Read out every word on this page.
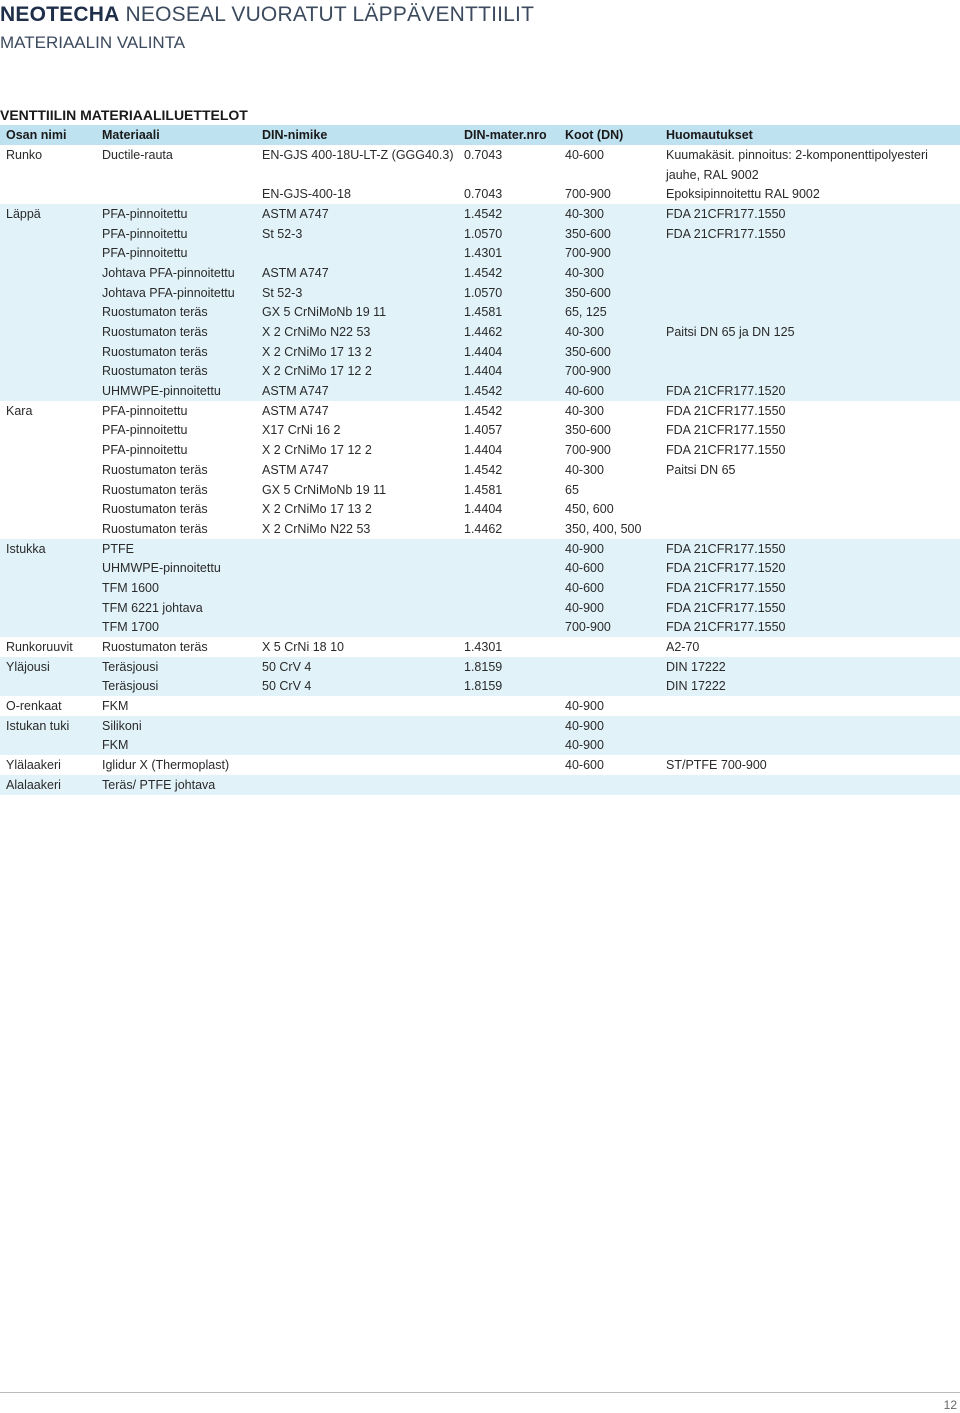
NEOTECHA NEOSEAL VUORATUT LÄPPÄVENTTIILIT
MATERIAALIN VALINTA
VENTTIILIN MATERIAALILUETTELOT
Osan nimi	Materiaali	DIN-nimike	DIN-mater.nro	Koot (DN)	Huomautukset
Runko	Ductile-rauta	EN-GJS 400-18U-LT-Z (GGG40.3)	0.7043	40-600	Kuumakäsit. pinnoitus: 2-komponenttipolyesteri
					jauhe, RAL 9002
		EN-GJS-400-18	0.7043	700-900	Epoksipinnoitettu RAL 9002
Läppä	PFA-pinnoitettu	ASTM A747	1.4542	40-300	FDA 21CFR177.1550
	PFA-pinnoitettu	St 52-3	1.0570	350-600	FDA 21CFR177.1550
	PFA-pinnoitettu		1.4301	700-900	
	Johtava PFA-pinnoitettu	ASTM A747	1.4542	40-300	
	Johtava PFA-pinnoitettu	St 52-3	1.0570	350-600	
	Ruostumaton teräs	GX 5 CrNiMoNb 19 11	1.4581	65, 125	
	Ruostumaton teräs	X 2 CrNiMo N22 53	1.4462	40-300	Paitsi DN 65 ja DN 125
	Ruostumaton teräs	X 2 CrNiMo 17 13 2	1.4404	350-600	
	Ruostumaton teräs	X 2 CrNiMo 17 12 2	1.4404	700-900	
	UHMWPE-pinnoitettu	ASTM A747	1.4542	40-600	FDA 21CFR177.1520
Kara	PFA-pinnoitettu	ASTM A747	1.4542	40-300	FDA 21CFR177.1550
	PFA-pinnoitettu	X17 CrNi 16 2	1.4057	350-600	FDA 21CFR177.1550
	PFA-pinnoitettu	X 2 CrNiMo 17 12 2	1.4404	700-900	FDA 21CFR177.1550
	Ruostumaton teräs	ASTM A747	1.4542	40-300	Paitsi DN 65
	Ruostumaton teräs	GX 5 CrNiMoNb 19 11	1.4581	65	
	Ruostumaton teräs	X 2 CrNiMo 17 13 2	1.4404	450, 600	
	Ruostumaton teräs	X 2 CrNiMo N22 53	1.4462	350, 400, 500	
Istukka	PTFE			40-900	FDA 21CFR177.1550
	UHMWPE-pinnoitettu			40-600	FDA 21CFR177.1520
	TFM 1600			40-600	FDA 21CFR177.1550
	TFM 6221 johtava			40-900	FDA 21CFR177.1550
	TFM 1700			700-900	FDA 21CFR177.1550
Runkoruuvit	Ruostumaton teräs	X 5 CrNi 18 10	1.4301		A2-70
Yläjousi	Teräsjousi	50 CrV 4	1.8159		DIN 17222
	Teräsjousi	50 CrV 4	1.8159		DIN 17222
O-renkaat	FKM			40-900	
Istukan tuki	Silikoni			40-900	
	FKM			40-900	
Ylälaakeri	Iglidur X (Thermoplast)			40-600	ST/PTFE 700-900
Alalaakeri	Teräs/ PTFE johtava				
12
